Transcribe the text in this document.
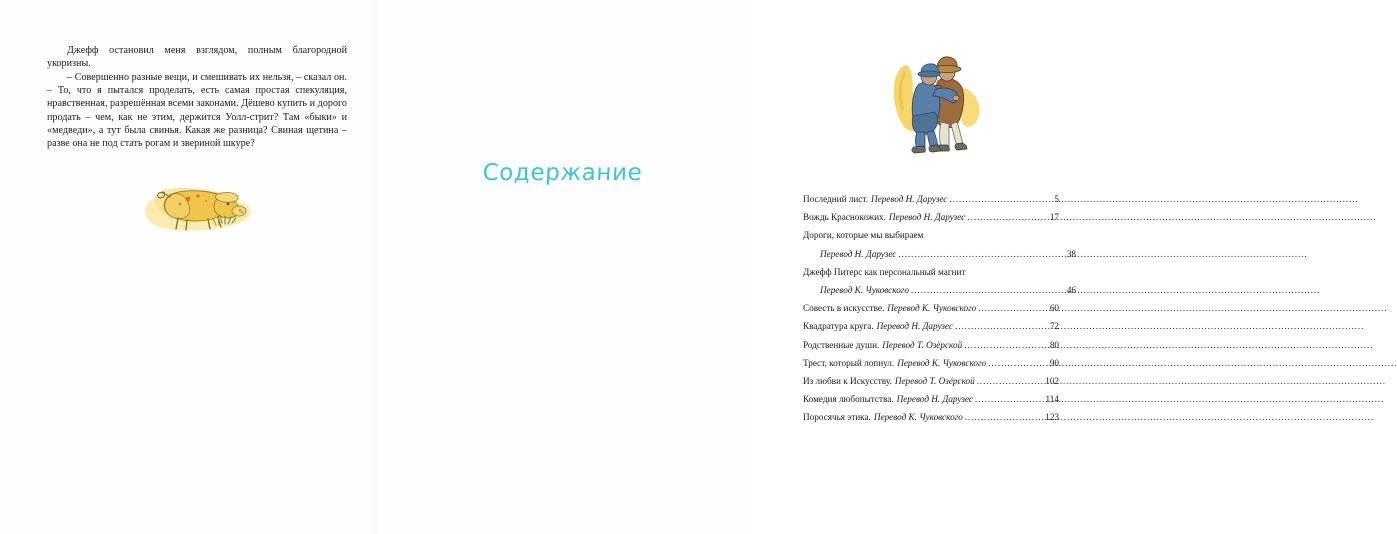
Джефф остановил меня взглядом, полным благородной укоризны.

– Совершенно разные вещи, и смешивать их нельзя, – сказал он. – То, что я пытался проделать, есть самая простая спекуляция, нравственная, разрешённая всеми законами. Дёшево купить и дорого продать – чем, как не этим, держится Уолл-стрит? Там «быки» и «медведи», а тут была свинья. Какая же разница? Свиная щетина – разве она не под стать рогам и звериной шкуре?

Содержание
Последний лист. Перевод Н. Дарузес .....	5
Вождь Краснокожих. Перевод Н. Дарузес .....	17
Дороги, которые мы выбираем
Перевод Н. Дарузес .....	38
Джефф Питерс как персональный магнит
Перевод К. Чуковского .....	46
Совесть в искусстве. Перевод К. Чуковского .....	60
Квадратура круга. Перевод Н. Дарузес .....	72
Родственные души. Перевод Т. Озёрской .....	80
Трест, который лопнул. Перевод К. Чуковского .....	90
Из любви к Искусству. Перевод Т. Озёрской .....	102
Комедия любопытства. Перевод Н. Дарузес .....	114
Поросячья этика. Перевод К. Чуковского .....	123
